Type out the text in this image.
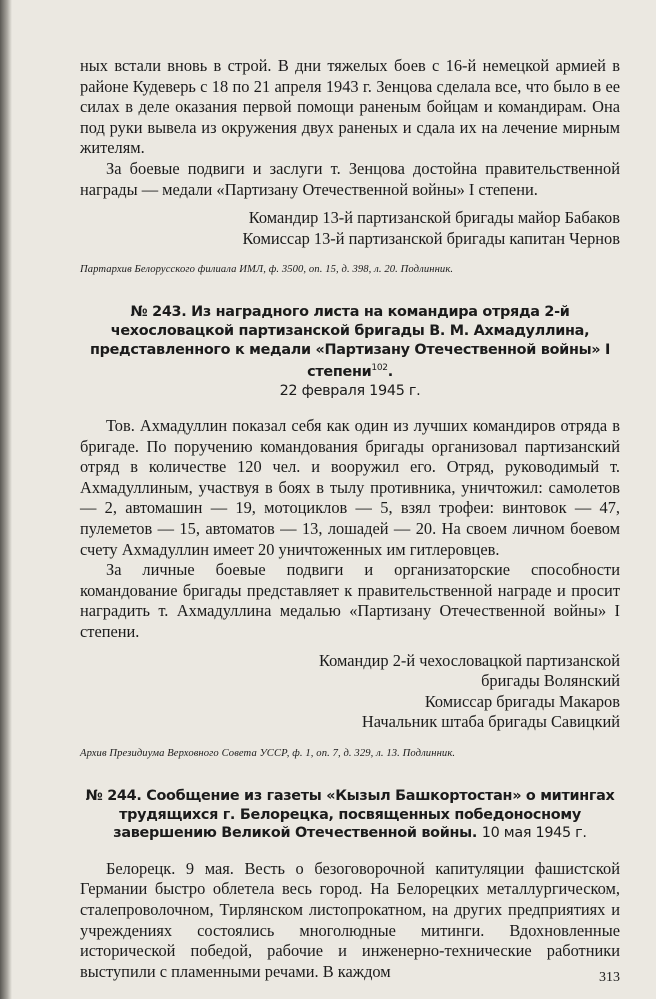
ных встали вновь в строй. В дни тяжелых боев с 16-й немецкой армией в районе Кудеверь с 18 по 21 апреля 1943 г. Зенцова сделала все, что было в ее силах в деле оказания первой помощи раненым бойцам и командирам. Она под руки вывела из окружения двух раненых и сдала их на лечение мирным жителям.

За боевые подвиги и заслуги т. Зенцова достойна правительственной награды — медали «Партизану Отечественной войны» I степени.

Командир 13-й партизанской бригады майор Бабаков

Комиссар 13-й партизанской бригады капитан Чернов

Партархив Белорусского филиала ИМЛ, ф. 3500, оп. 15, д. 398, л. 20. Подлинник.

№ 243. Из наградного листа на командира отряда 2-й чехословацкой партизанской бригады В. М. Ахмадуллина, представленного к медали «Партизану Отечественной войны» I степени$^{102}$.
22 февраля 1945 г.

Тов. Ахмадуллин показал себя как один из лучших командиров отряда в бригаде. По поручению командования бригады организовал партизанский отряд в количестве 120 чел. и вооружил его. Отряд, руководимый т. Ахмадуллиным, участвуя в боях в тылу противника, уничтожил: самолетов — 2, автомашин — 19, мотоциклов — 5, взял трофеи: винтовок — 47, пулеметов — 15, автоматов — 13, лошадей — 20. На своем личном боевом счету Ахмадуллин имеет 20 уничтоженных им гитлеровцев.

За личные боевые подвиги и организаторские способности командование бригады представляет к правительственной награде и просит наградить т. Ахмадуллина медалью «Партизану Отечественной войны» I степени.

Командир 2-й чехословацкой партизанской

бригады Волянский

Комиссар бригады Макаров

Начальник штаба бригады Савицкий

Архив Президиума Верховного Совета УССР, ф. 1, оп. 7, д. 329, л. 13. Подлинник.

№ 244. Сообщение из газеты «Кызыл Башкортостан» о митингах трудящихся г. Белорецка, посвященных победоносному завершению Великой Отечественной войны. 10 мая 1945 г.

Белорецк. 9 мая. Весть о безоговорочной капитуляции фашистской Германии быстро облетела весь город. На Белорецких металлургическом, сталепроволочном, Тирлянском листопрокатном, на других предприятиях и учреждениях состоялись многолюдные митинги. Вдохновленные исторической победой, рабочие и инженерно-технические работники выступили с пламенными речами. В каждом	313
